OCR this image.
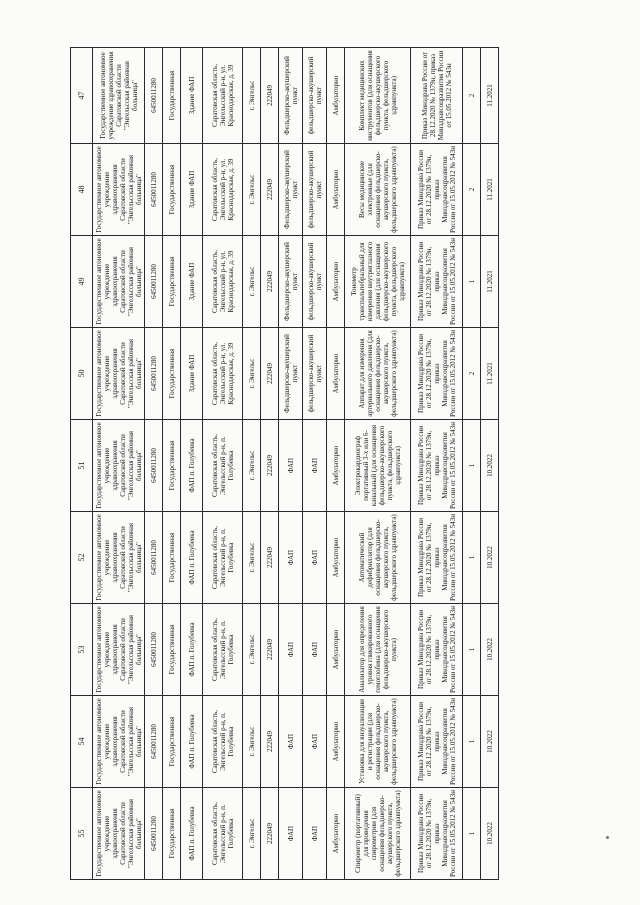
55	54	53	52	51	50	49	48	47
Государственное автономное учреждение здравоохранения Саратовской области "Энгельсская районная больница"	Государственное автономное учреждение здравоохранения Саратовской области "Энгельсская районная больница"	Государственное автономное учреждение здравоохранения Саратовской области "Энгельсская районная больница"	Государственное автономное учреждение здравоохранения Саратовской области "Энгельсская районная больница"	Государственное автономное учреждение здравоохранения Саратовской области "Энгельсская районная больница"	Государственное автономное учреждение здравоохранения Саратовской области "Энгельсская районная больница"	Государственное автономное учреждение здравоохранения Саратовской области "Энгельсская районная больница"	Государственное автономное учреждение здравоохранения Саратовской области "Энгельсская районная больница"	Государственное автономное учреждение здравоохранения Саратовской области "Энгельсская районная больница"
6450011280	6450011280	6450011280	6450011280	6450011280	6450011280	6450011280	6450011280	6450011280
Государственная	Государственная	Государственная	Государственная	Государственная	Государственная	Государственная	Государственная	Государственная
ФАП п. Голубевка	ФАП п. Голубевка	ФАП п. Голубевка	ФАП п. Голубевка	ФАП п. Голубевка	Здание ФАП	Здание ФАП	Здание ФАП	Здание ФАП
Саратовская область, Энгельсский р-н, п. Голубевка	Саратовская область, Энгельсский р-н, п. Голубевка	Саратовская область, Энгельсский р-н, п. Голубевка	Саратовская область, Энгельсский р-н, п. Голубевка	Саратовская область, Энгельсский р-н, п. Голубевка	Саратовская область, Энгельсский р-н, ул. Краснодарская, д. 39	Саратовская область, Энгельсский р-н, ул. Краснодарская, д. 39	Саратовская область, Энгельсский р-н, ул. Краснодарская, д. 39	Саратовская область, Энгельсский р-н, ул. Краснодарская, д. 39
г. Энгельс	г. Энгельс	г. Энгельс	г. Энгельс	г. Энгельс	г. Энгельс	г. Энгельс	г. Энгельс	г. Энгельс
222049	222049	222049	222049	222049	222049	222049	222049	222049
ФАП	ФАП	ФАП	ФАП	ФАП	Фельдшерско-акушерский пункт	Фельдшерско-акушерский пункт	Фельдшерско-акушерский пункт	Фельдшерско-акушерский пункт
ФАП	ФАП	ФАП	ФАП	ФАП	фельдшерско-акушерский пункт	фельдшерско-акушерский пункт	фельдшерско-акушерский пункт	фельдшерско-акушерский пункт
Амбулаторно	Амбулаторно	Амбулаторно	Амбулаторно	Амбулаторно	Амбулаторно	Амбулаторно	Амбулаторно	Амбулаторно
Спирометр (портативный) для проведения спирометрии (для оснащения фельдшерско-акушерского пункта, фельдшерского здравпункта)	Установка для визуализации и регистрации (для оснащения фельдшерско-акушерского пункта, фельдшерского здравпункта)	Анализатор для определения уровня гликированного гемоглобина (для оснащения фельдшерско-акушерского пункта)	Автоматический дефибриллятор (для оснащения фельдшерско-акушерского пункта, фельдшерского здравпункта)	Электрокардиограф портативный 3-х или 6-канальный (для оснащения фельдшерско-акушерского пункта, фельдшерского здравпункта)	Аппарат для измерения артериального давления (для оснащения фельдшерско-акушерского пункта, фельдшерского здравпункта)	Тонометр транспальпебральный для измерения внутриглазного давления (для оснащения фельдшерско-акушерского пункта, фельдшерского здравпункта)	Весы медицинские электронные (для оснащения фельдшерско-акушерского пункта, фельдшерского здравпункта)	Комплект медицинских инструментов (для оснащения фельдшерско-акушерского пункта, фельдшерского здравпункта)
Приказ Минздрава России от 28.12.2020 № 1379н, приказ Минздравсоцразвития России от 15.05.2012 № 543н	Приказ Минздрава России от 28.12.2020 № 1379н, приказ Минздравсоцразвития России от 15.05.2012 № 543н	Приказ Минздрава России от 28.12.2020 № 1379н, приказ Минздравсоцразвития России от 15.05.2012 № 543н	Приказ Минздрава России от 28.12.2020 № 1379н, приказ Минздравсоцразвития России от 15.05.2012 № 543н	Приказ Минздрава России от 28.12.2020 № 1379н, приказ Минздравсоцразвития России от 15.05.2012 № 543н	Приказ Минздрава России от 28.12.2020 № 1379н, приказ Минздравсоцразвития России от 15.05.2012 № 543н	Приказ Минздрава России от 28.12.2020 № 1379н, приказ Минздравсоцразвития России от 15.05.2012 № 543н	Приказ Минздрава России от 28.12.2020 № 1379н, приказ Минздравсоцразвития России от 15.05.2012 № 543н	Приказ Минздрава России от 28.12.2020 № 1379н, приказ Минздравсоцразвития России от 15.05.2012 № 543н
1	1	1	1	1	2	1	2	2
10.2022	10.2022	10.2022	10.2022	10.2022	11.2021	11.2021	11.2021	11.2021
